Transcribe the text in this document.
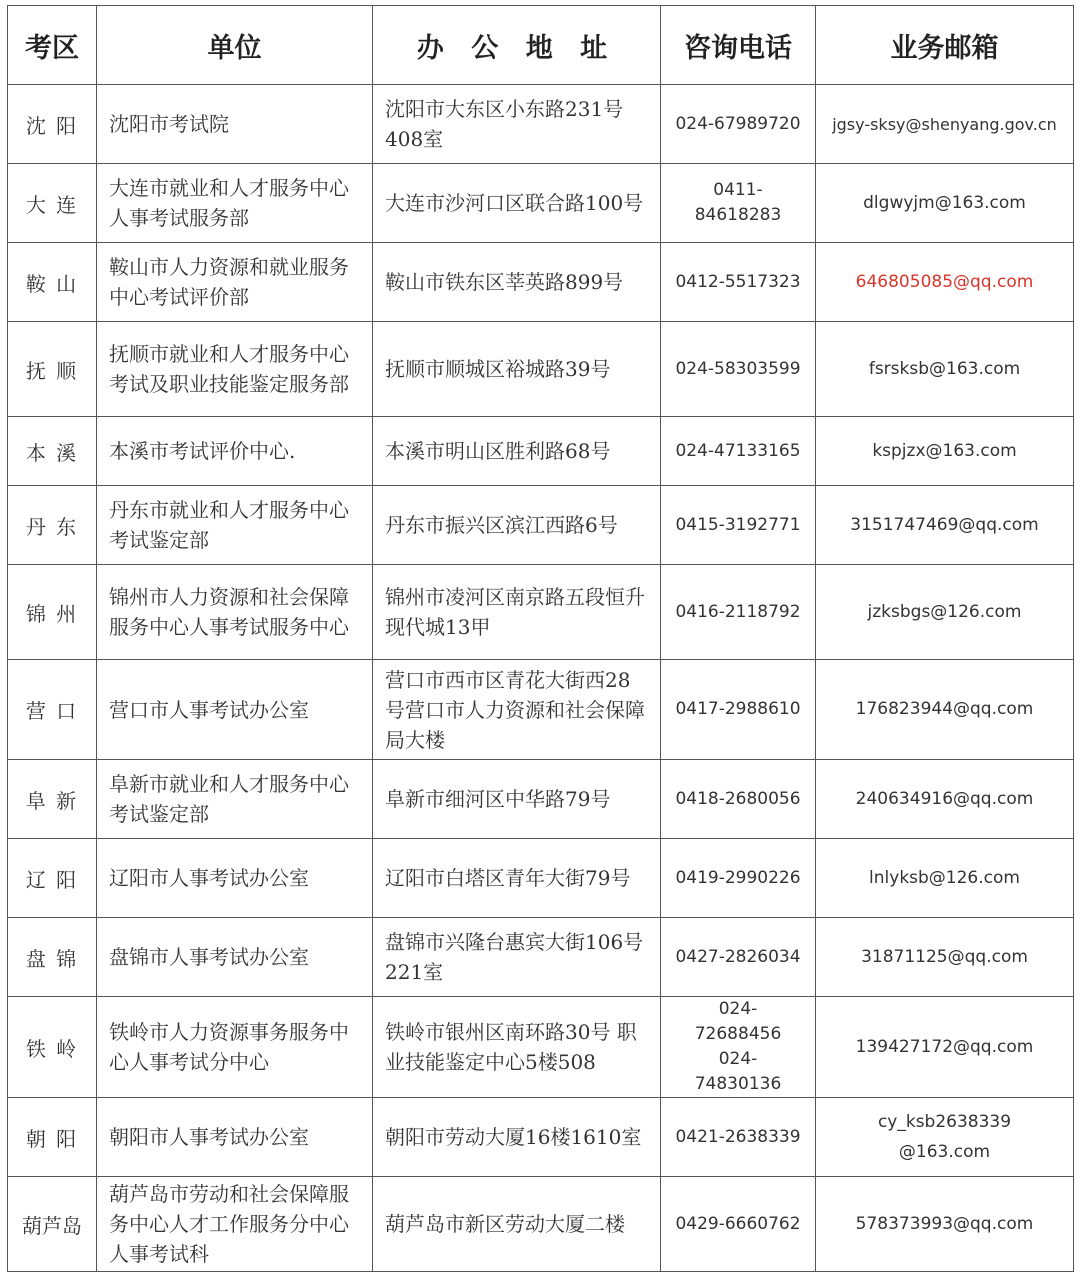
考区	单位	办 公 地 址	咨询电话	业务邮箱
沈 阳	沈阳市考试院	沈阳市大东区小东路231号408室	024-67989720	jgsy-sksy@shenyang.gov.cn
大 连	大连市就业和人才服务中心人事考试服务部	大连市沙河口区联合路100号	0411-84618283	dlgwyjm@163.com
鞍 山	鞍山市人力资源和就业服务中心考试评价部	鞍山市铁东区莘英路899号	0412-5517323	646805085@qq.com
抚 顺	抚顺市就业和人才服务中心考试及职业技能鉴定服务部	抚顺市顺城区裕城路39号	024-58303599	fsrsksb@163.com
本 溪	本溪市考试评价中心.	本溪市明山区胜利路68号	024-47133165	kspjzx@163.com
丹 东	丹东市就业和人才服务中心考试鉴定部	丹东市振兴区滨江西路6号	0415-3192771	3151747469@qq.com
锦 州	锦州市人力资源和社会保障服务中心人事考试服务中心	锦州市凌河区南京路五段恒升现代城13甲	0416-2118792	jzksbgs@126.com
营 口	营口市人事考试办公室	营口市西市区青花大街西28号营口市人力资源和社会保障局大楼	0417-2988610	176823944@qq.com
阜 新	阜新市就业和人才服务中心考试鉴定部	阜新市细河区中华路79号	0418-2680056	240634916@qq.com
辽 阳	辽阳市人事考试办公室	辽阳市白塔区青年大街79号	0419-2990226	lnlyksb@126.com
盘 锦	盘锦市人事考试办公室	盘锦市兴隆台惠宾大街106号221室	0427-2826034	31871125@qq.com
铁 岭	铁岭市人力资源事务服务中心人事考试分中心	铁岭市银州区南环路30号 职业技能鉴定中心5楼508	024-72688456 024-74830136	139427172@qq.com
朝 阳	朝阳市人事考试办公室	朝阳市劳动大厦16楼1610室	0421-2638339	cy_ksb2638339 @163.com
葫芦岛	葫芦岛市劳动和社会保障服务中心人才工作服务分中心人事考试科	葫芦岛市新区劳动大厦二楼	0429-6660762	578373993@qq.com
